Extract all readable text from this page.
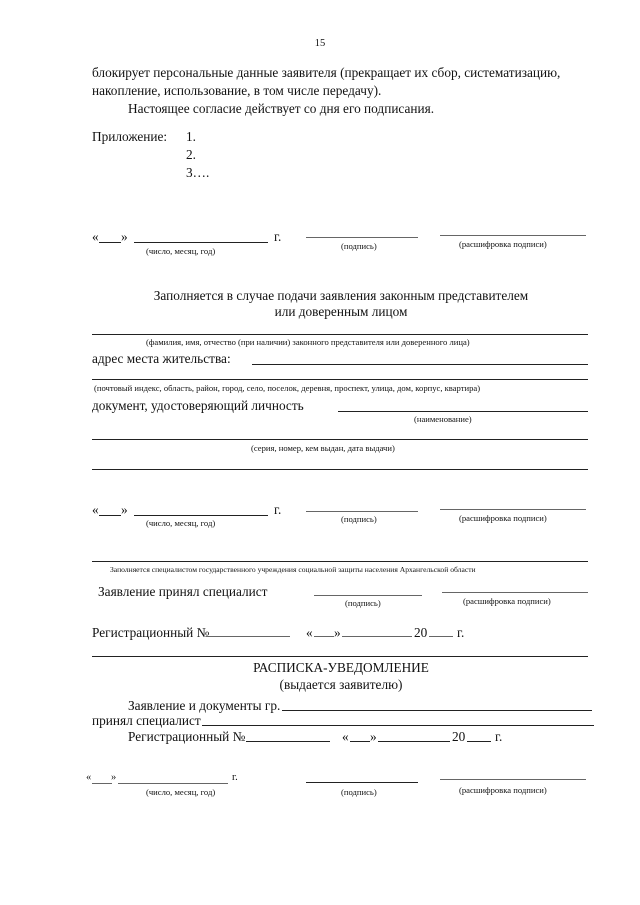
15
блокирует персональные данные заявителя (прекращает их сбор, систематизацию,
накопление, использование, в том числе передачу).
Настоящее согласие действует со дня его подписания.
Приложение: 1.
2.
3….
« »	г.
(число, месяц, год)	(подпись)	(расшифровка подписи)
Заполняется в случае подачи заявления законным представителем
или доверенным лицом
(фамилия, имя, отчество (при наличии) законного представителя или доверенного лица)
адрес места жительства:
(почтовый индекс, область, район, город, село, поселок, деревня, проспект, улица, дом, корпус, квартира)
документ, удостоверяющий личность
(наименование)
(серия, номер, кем выдан, дата выдачи)
« »	г.
(число, месяц, год)	(подпись)	(расшифровка подписи)
Заполняется специалистом государственного учреждения социальной защиты населения Архангельской области
Заявление принял специалист
(подпись)	(расшифровка подписи)
Регистрационный №	« »	20 г.
РАСПИСКА-УВЕДОМЛЕНИЕ
(выдается заявителю)
Заявление и документы гр.
принял специалист
Регистрационный №	« »	20 г.
« »	г.
(число, месяц, год)	(подпись)	(расшифровка подписи)
